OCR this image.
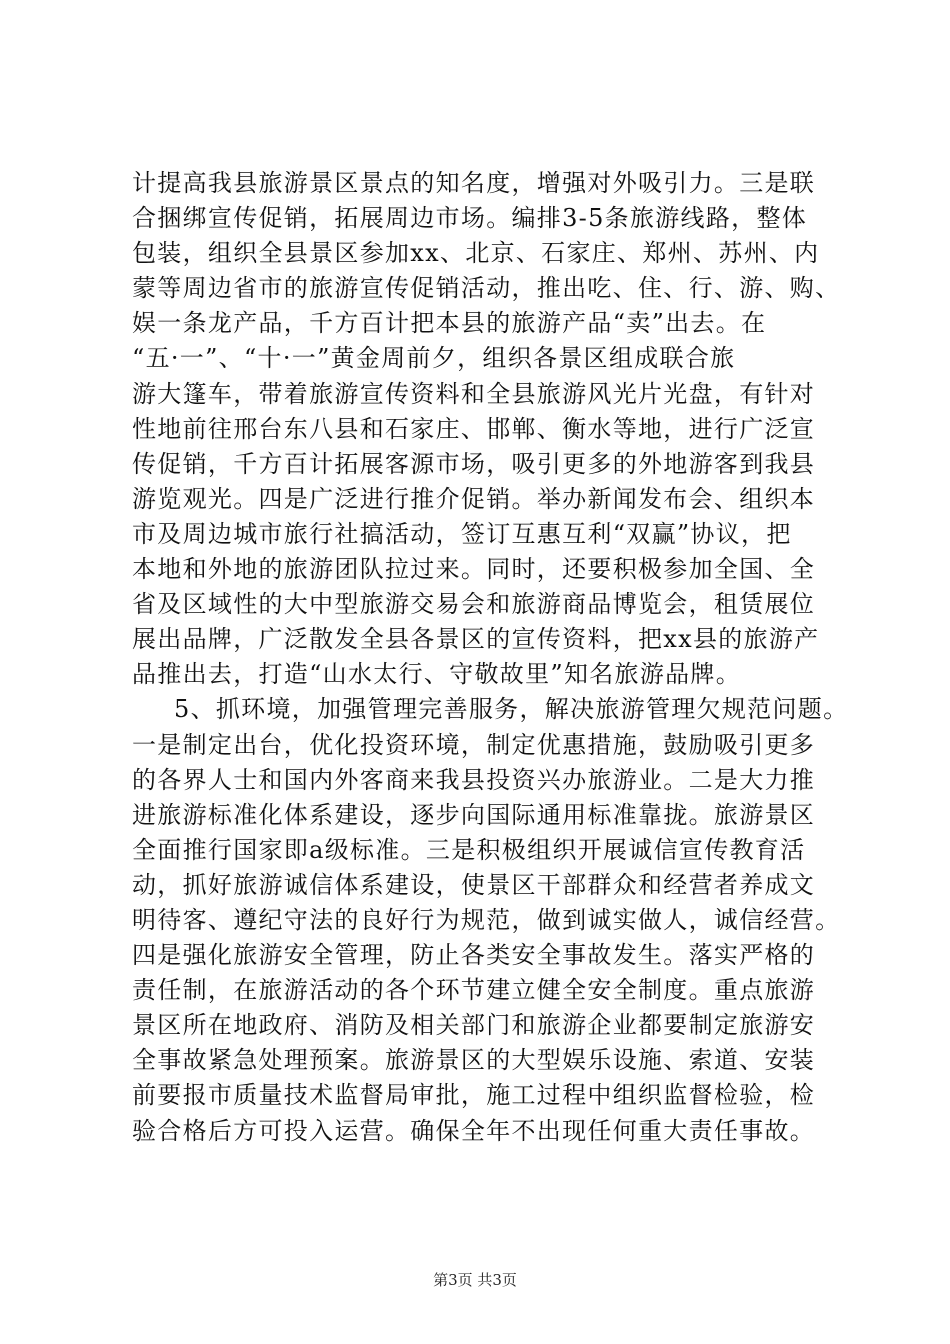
计提高我县旅游景区景点的知名度，增强对外吸引力。三是联
合捆绑宣传促销，拓展周边市场。编排3-5条旅游线路，整体
包装，组织全县景区参加xx、北京、石家庄、郑州、苏州、内
蒙等周边省市的旅游宣传促销活动，推出吃、住、行、游、购、
娱一条龙产品，千方百计把本县的旅游产品“卖”出去。在
“五·一”、“十·一”黄金周前夕，组织各景区组成联合旅
游大篷车，带着旅游宣传资料和全县旅游风光片光盘，有针对
性地前往邢台东八县和石家庄、邯郸、衡水等地，进行广泛宣
传促销，千方百计拓展客源市场，吸引更多的外地游客到我县
游览观光。四是广泛进行推介促销。举办新闻发布会、组织本
市及周边城市旅行社搞活动，签订互惠互利“双赢”协议，把
本地和外地的旅游团队拉过来。同时，还要积极参加全国、全
省及区域性的大中型旅游交易会和旅游商品博览会，租赁展位
展出品牌，广泛散发全县各景区的宣传资料，把xx县的旅游产
品推出去，打造“山水太行、守敬故里”知名旅游品牌。
5、抓环境，加强管理完善服务，解决旅游管理欠规范问题。
一是制定出台，优化投资环境，制定优惠措施，鼓励吸引更多
的各界人士和国内外客商来我县投资兴办旅游业。二是大力推
进旅游标准化体系建设，逐步向国际通用标准靠拢。旅游景区
全面推行国家即a级标准。三是积极组织开展诚信宣传教育活
动，抓好旅游诚信体系建设，使景区干部群众和经营者养成文
明待客、遵纪守法的良好行为规范，做到诚实做人，诚信经营。
四是强化旅游安全管理，防止各类安全事故发生。落实严格的
责任制，在旅游活动的各个环节建立健全安全制度。重点旅游
景区所在地政府、消防及相关部门和旅游企业都要制定旅游安
全事故紧急处理预案。旅游景区的大型娱乐设施、索道、安装
前要报市质量技术监督局审批，施工过程中组织监督检验，检
验合格后方可投入运营。确保全年不出现任何重大责任事故。
第3页 共3页
